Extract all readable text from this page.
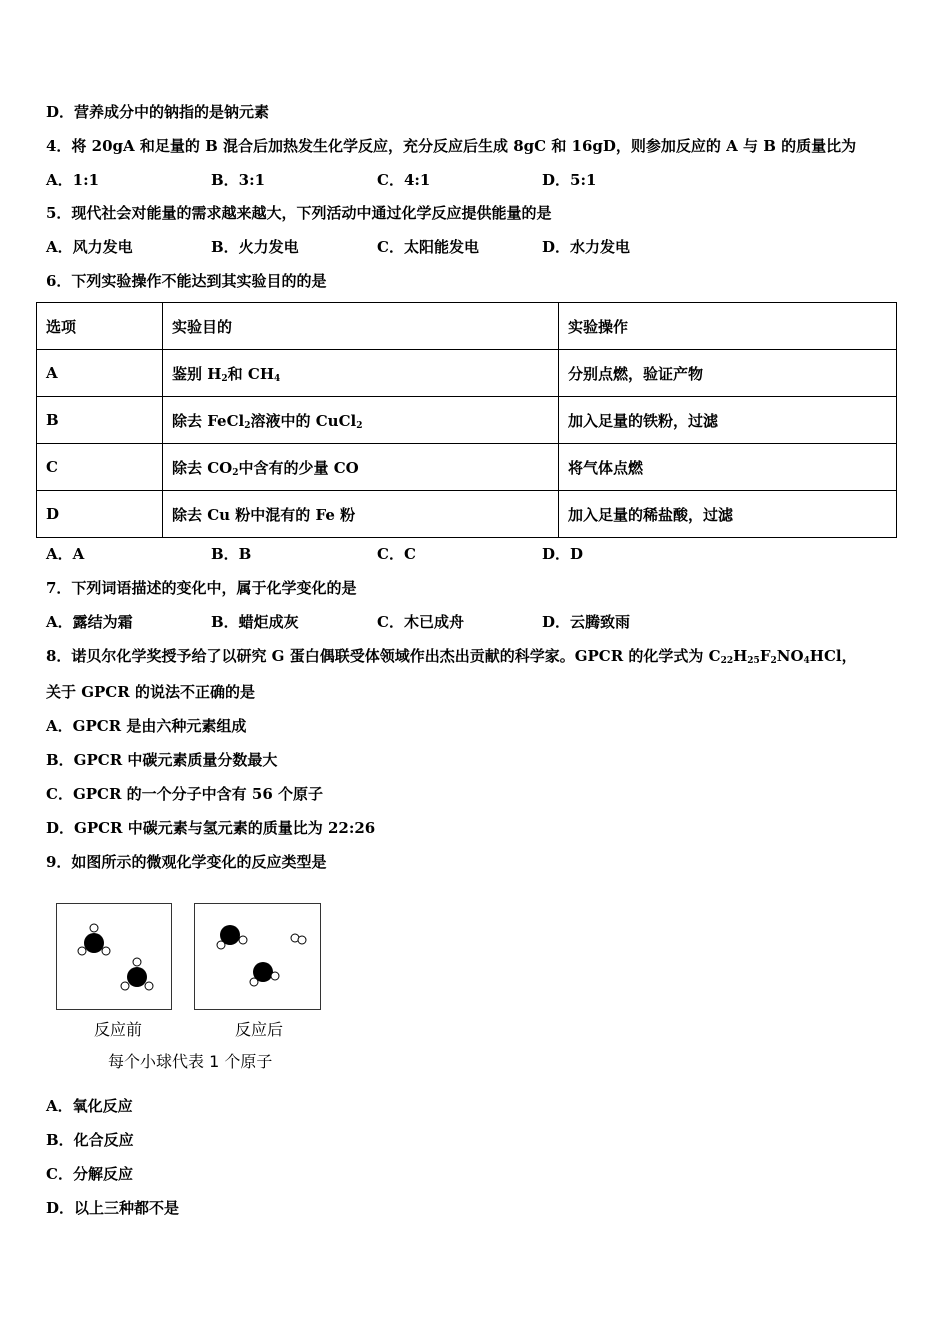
D．营养成分中的钠指的是钠元素
4．将 20gA 和足量的 B 混合后加热发生化学反应，充分反应后生成 8gC 和 16gD，则参加反应的 A 与 B 的质量比为
A．1:1	B．3:1	C．4:1	D．5:1
5．现代社会对能量的需求越来越大，下列活动中通过化学反应提供能量的是
A．风力发电	B．火力发电	C．太阳能发电	D．水力发电
6．下列实验操作不能达到其实验目的的是
选项	实验目的	实验操作
A	鉴别 $H_2$和 $CH_4$	分别点燃，验证产物
B	除去 FeCl$_2$溶液中的 CuCl$_2$	加入足量的铁粉，过滤
C	除去 $CO_2$中含有的少量 CO	将气体点燃
D	除去 Cu 粉中混有的 Fe 粉	加入足量的稀盐酸，过滤
A．A	B．B	C．C	D．D
7．下列词语描述的变化中，属于化学变化的是
A．露结为霜	B．蜡炬成灰	C．木已成舟	D．云腾致雨
8．诺贝尔化学奖授予给了以研究 G 蛋白偶联受体领域作出杰出贡献的科学家。GPCR 的化学式为 $C_{22}H_{25}F_2NO_4HCl$，
关于 GPCR 的说法不正确的是
A．GPCR 是由六种元素组成
B．GPCR 中碳元素质量分数最大
C．GPCR 的一个分子中含有 56 个原子
D．GPCR 中碳元素与氢元素的质量比为 22:26
9．如图所示的微观化学变化的反应类型是
反应前	反应后
每个小球代表 1 个原子
A．氧化反应
B．化合反应
C．分解反应
D．以上三种都不是
